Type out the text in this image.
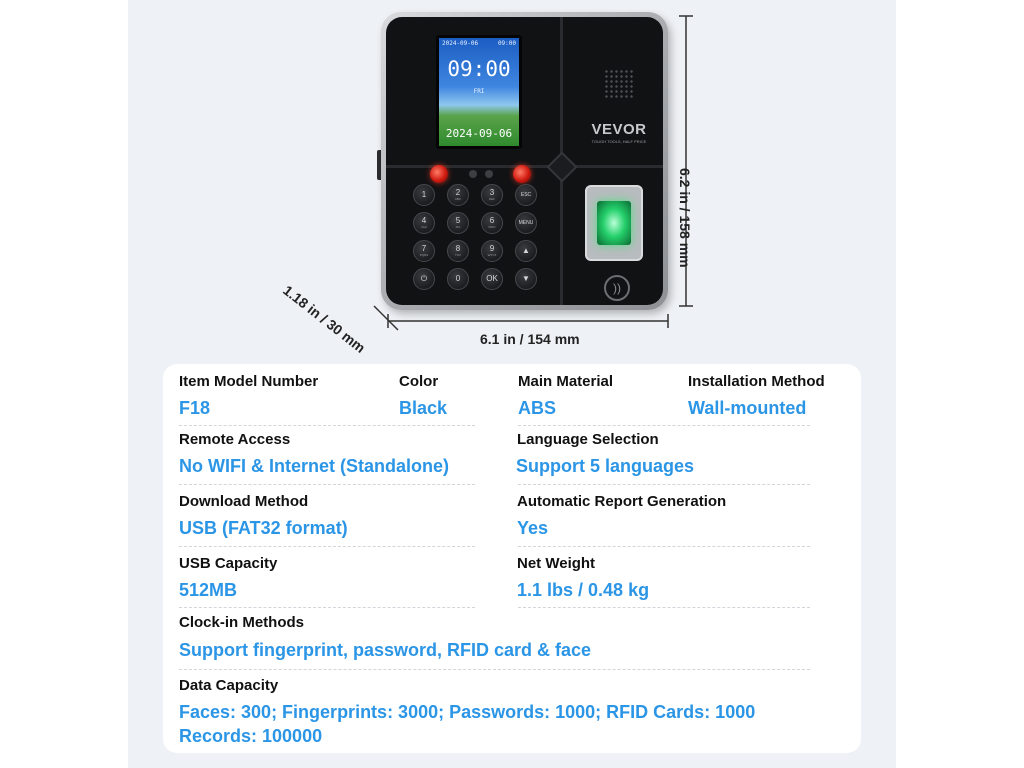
2024-09-06	09:00
09:00
FRI
2024-09-06	VEVOR
TOUGH TOOLS, HALF PRICE
1	2
ABC
3
DEF
ESC
4
GHI
5
JKL
6
MNO
MENU
7
PQRS
8
TUV
9
WXYZ	▲
⏻	0	OK	▼
))
6.1 in / 154 mm
6.2 in / 158 mm
1.18 in / 30 mm
Item Model Number
F18
Color
Black
Main Material
ABS
Installation Method
Wall-mounted
Remote Access
No WIFI & Internet (Standalone)
Language Selection
Support 5 languages
Download Method
USB (FAT32 format)
Automatic Report Generation
Yes
USB Capacity
512MB
Net Weight
1.1 lbs / 0.48 kg
Clock-in Methods
Support fingerprint, password, RFID card & face
Data Capacity
Faces: 300; Fingerprints: 3000; Passwords: 1000; RFID Cards: 1000
Records: 100000
